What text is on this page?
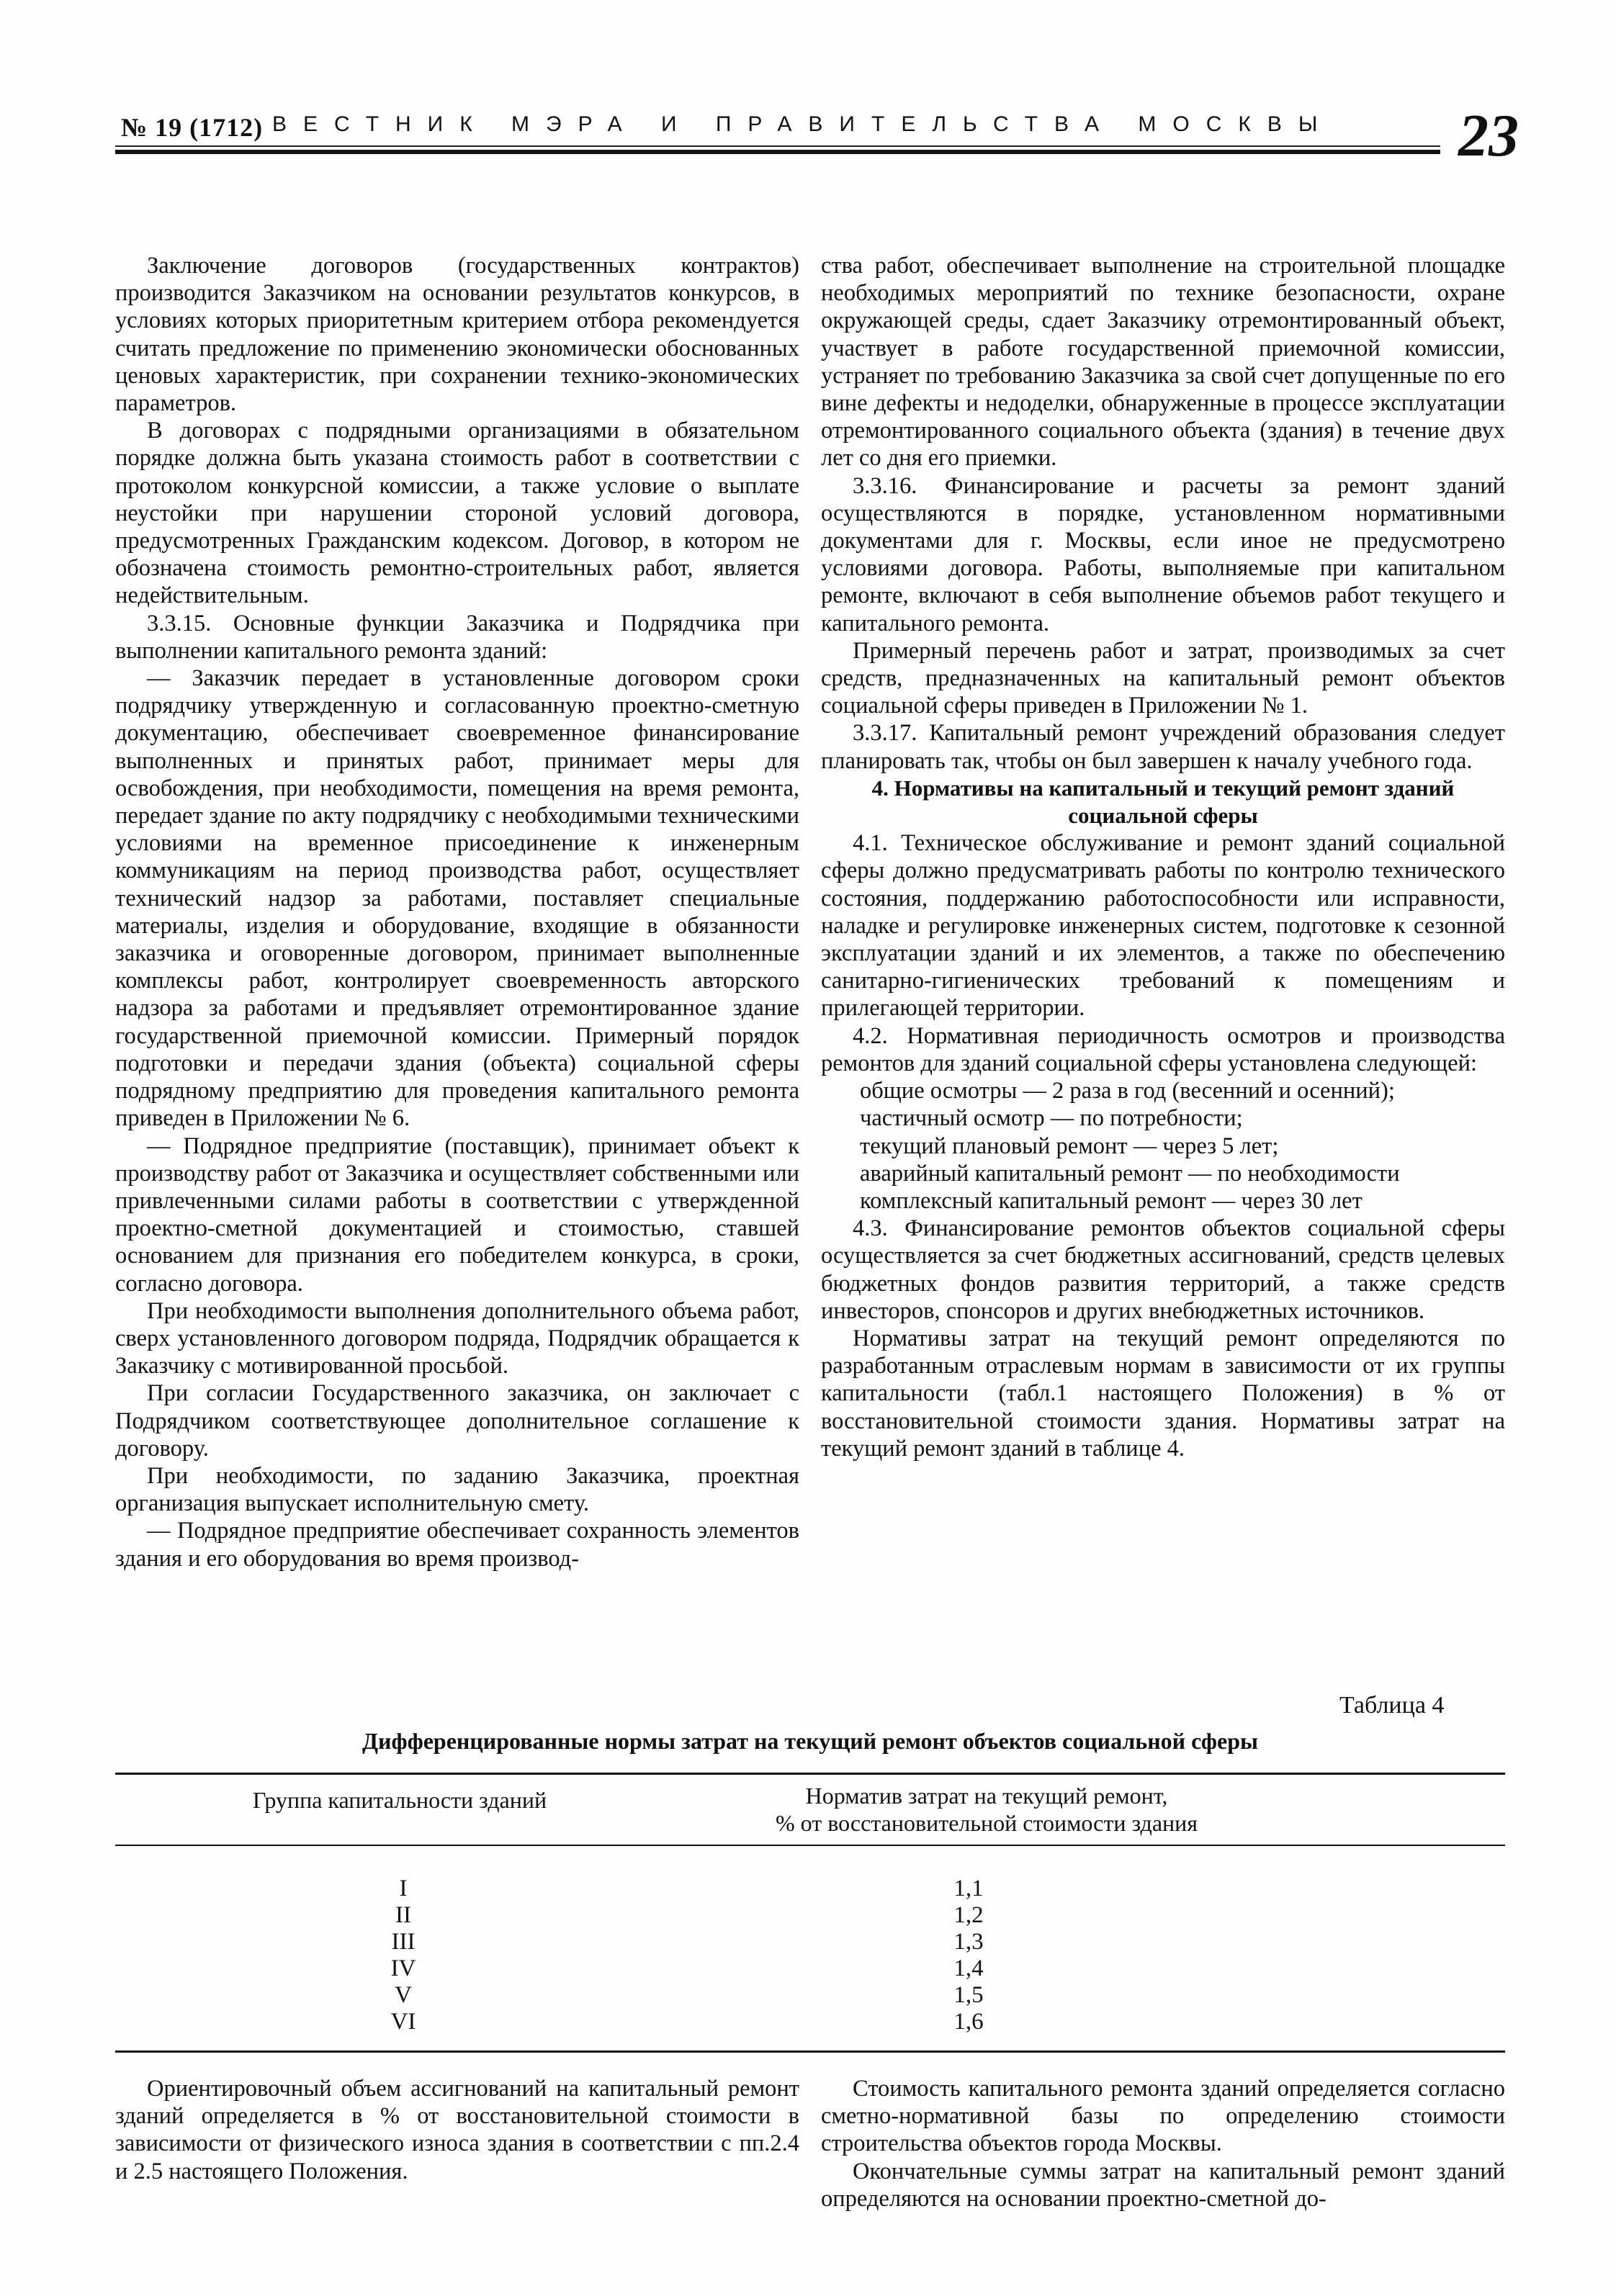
№ 19 (1712) ВЕСТНИК МЭРА И ПРАВИТЕЛЬСТВА МОСКВЫ 23

Заключение договоров (государственных контрактов) производится Заказчиком на основании результатов конкурсов, в условиях которых приоритетным критерием отбора рекомендуется считать предложение по применению экономически обоснованных ценовых характеристик, при сохранении технико-экономических параметров.

В договорах с подрядными организациями в обязательном порядке должна быть указана стоимость работ в соответствии с протоколом конкурсной комиссии, а также условие о выплате неустойки при нарушении стороной условий договора, предусмотренных Гражданским кодексом. Договор, в котором не обозначена стоимость ремонтно-строительных работ, является недействительным.

3.3.15. Основные функции Заказчика и Подрядчика при выполнении капитального ремонта зданий:

— Заказчик передает в установленные договором сроки подрядчику утвержденную и согласованную проектно-сметную документацию, обеспечивает своевременное финансирование выполненных и принятых работ, принимает меры для освобождения, при необходимости, помещения на время ремонта, передает здание по акту подрядчику с необходимыми техническими условиями на временное присоединение к инженерным коммуникациям на период производства работ, осуществляет технический надзор за работами, поставляет специальные материалы, изделия и оборудование, входящие в обязанности заказчика и оговоренные договором, принимает выполненные комплексы работ, контролирует своевременность авторского надзора за работами и предъявляет отремонтированное здание государственной приемочной комиссии. Примерный порядок подготовки и передачи здания (объекта) социальной сферы подрядному предприятию для проведения капитального ремонта приведен в Приложении № 6.

— Подрядное предприятие (поставщик), принимает объект к производству работ от Заказчика и осуществляет собственными или привлеченными силами работы в соответствии с утвержденной проектно-сметной документацией и стоимостью, ставшей основанием для признания его победителем конкурса, в сроки, согласно договора.

При необходимости выполнения дополнительного объема работ, сверх установленного договором подряда, Подрядчик обращается к Заказчику с мотивированной просьбой.

При согласии Государственного заказчика, он заключает с Подрядчиком соответствующее дополнительное соглашение к договору.

При необходимости, по заданию Заказчика, проектная организация выпускает исполнительную смету.

— Подрядное предприятие обеспечивает сохранность элементов здания и его оборудования во время производ-

ства работ, обеспечивает выполнение на строительной площадке необходимых мероприятий по технике безопасности, охране окружающей среды, сдает Заказчику отремонтированный объект, участвует в работе государственной приемочной комиссии, устраняет по требованию Заказчика за свой счет допущенные по его вине дефекты и недоделки, обнаруженные в процессе эксплуатации отремонтированного социального объекта (здания) в течение двух лет со дня его приемки.

3.3.16. Финансирование и расчеты за ремонт зданий осуществляются в порядке, установленном нормативными документами для г. Москвы, если иное не предусмотрено условиями договора. Работы, выполняемые при капитальном ремонте, включают в себя выполнение объемов работ текущего и капитального ремонта.

Примерный перечень работ и затрат, производимых за счет средств, предназначенных на капитальный ремонт объектов социальной сферы приведен в Приложении № 1.

3.3.17. Капитальный ремонт учреждений образования следует планировать так, чтобы он был завершен к началу учебного года.

4. Нормативы на капитальный и текущий ремонт зданий социальной сферы

4.1. Техническое обслуживание и ремонт зданий социальной сферы должно предусматривать работы по контролю технического состояния, поддержанию работоспособности или исправности, наладке и регулировке инженерных систем, подготовке к сезонной эксплуатации зданий и их элементов, а также по обеспечению санитарно-гигиенических требований к помещениям и прилегающей территории.

4.2. Нормативная периодичность осмотров и производства ремонтов для зданий социальной сферы установлена следующей:

общие осмотры — 2 раза в год (весенний и осенний);
частичный осмотр — по потребности;
текущий плановый ремонт — через 5 лет;
аварийный капитальный ремонт — по необходимости
комплексный капитальный ремонт — через 30 лет

4.3. Финансирование ремонтов объектов социальной сферы осуществляется за счет бюджетных ассигнований, средств целевых бюджетных фондов развития территорий, а также средств инвесторов, спонсоров и других внебюджетных источников.

Нормативы затрат на текущий ремонт определяются по разработанным отраслевым нормам в зависимости от их группы капитальности (табл.1 настоящего Положения) в % от восстановительной стоимости здания. Нормативы затрат на текущий ремонт зданий в таблице 4.

Таблица 4
Дифференцированные нормы затрат на текущий ремонт объектов социальной сферы
Группа капитальности зданий	Норматив затрат на текущий ремонт,
% от восстановительной стоимости здания
I	1,1
II	1,2
III	1,3
IV	1,4
V	1,5
VI	1,6

Ориентировочный объем ассигнований на капитальный ремонт зданий определяется в % от восстановительной стоимости в зависимости от физического износа здания в соответствии с пп.2.4 и 2.5 настоящего Положения.

Стоимость капитального ремонта зданий определяется согласно сметно-нормативной базы по определению стоимости строительства объектов города Москвы.

Окончательные суммы затрат на капитальный ремонт зданий определяются на основании проектно-сметной до-
